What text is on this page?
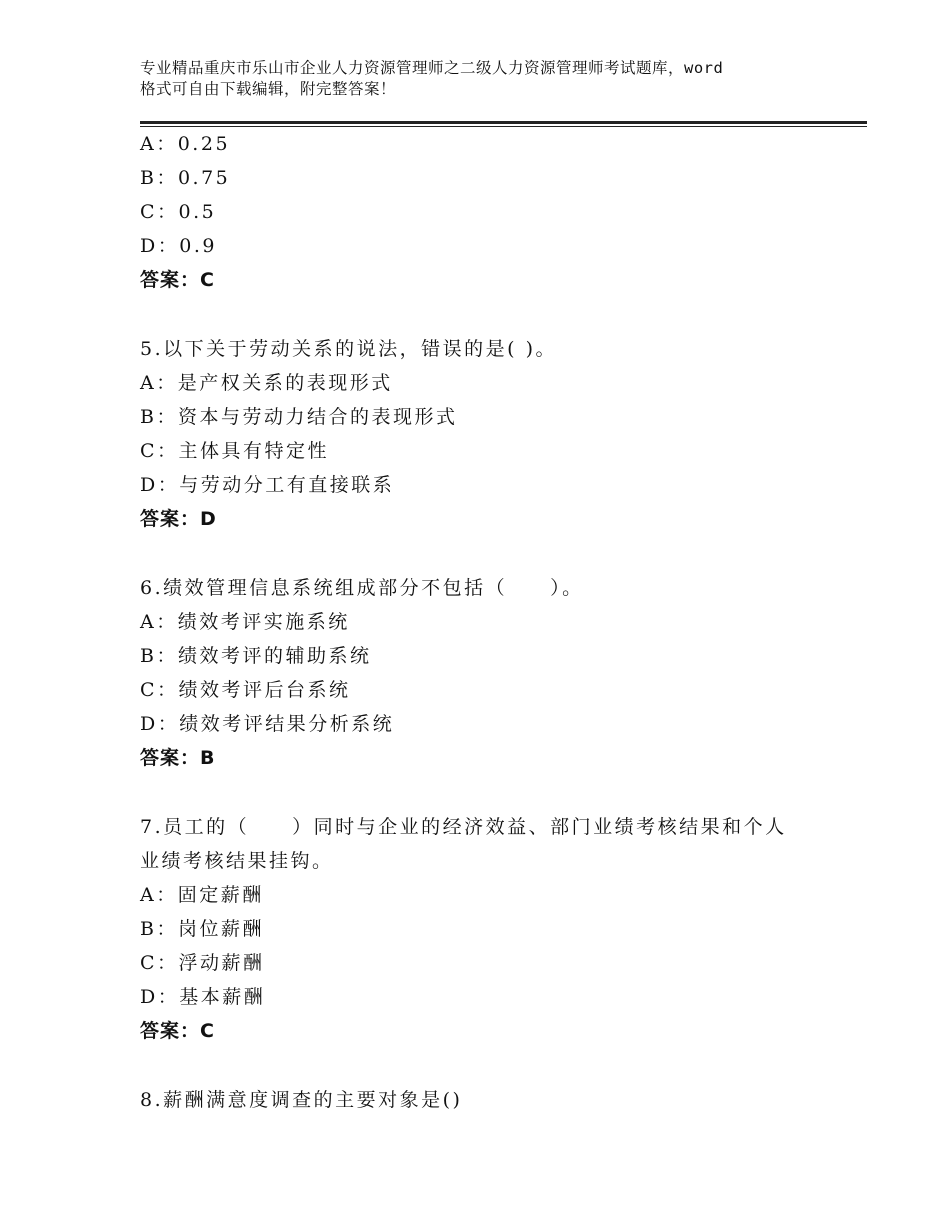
专业精品重庆市乐山市企业人力资源管理师之二级人力资源管理师考试题库，word
格式可自由下载编辑，附完整答案！
A：0.25
B：0.75
C：0.5
D：0.9
答案：C
5.以下关于劳动关系的说法，错误的是( )。
A：是产权关系的表现形式
B：资本与劳动力结合的表现形式
C：主体具有特定性
D：与劳动分工有直接联系
答案：D
6.绩效管理信息系统组成部分不包括（　　）。
A：绩效考评实施系统
B：绩效考评的辅助系统
C：绩效考评后台系统
D：绩效考评结果分析系统
答案：B
7.员工的（　　）同时与企业的经济效益、部门业绩考核结果和个人
业绩考核结果挂钩。
A：固定薪酬
B：岗位薪酬
C：浮动薪酬
D：基本薪酬
答案：C
8.薪酬满意度调查的主要对象是()
